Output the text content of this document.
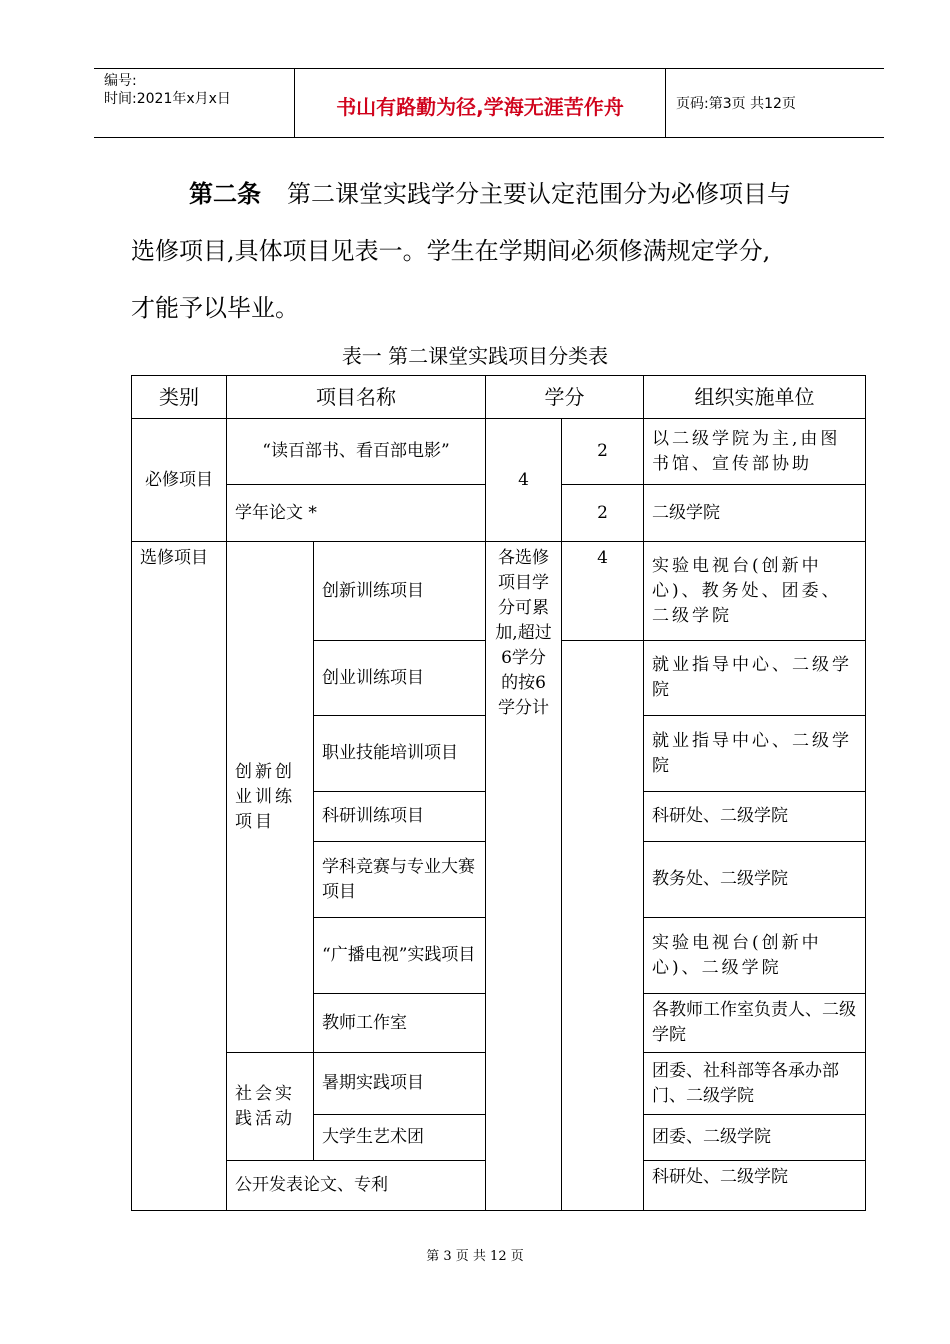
编号:
时间:2021年x月x日	书山有路勤为径,学海无涯苦作舟	页码:第3页 共12页
第二条 第二课堂实践学分主要认定范围分为必修项目与
选修项目,具体项目见表一。学生在学期间必须修满规定学分,
才能予以毕业。
表一 第二课堂实践项目分类表
类别	项目名称		学分		组织实施单位
必修项目	“读百部书、看百部电影”		4	2	以二级学院为主,由图书馆、宣传部协助
	学年论文 *			2	二级学院
选修项目	创新创业训练项目	创新训练项目	各选修项目学分可累加,超过6学分的按6学分计	4	实验电视台(创新中心)、教务处、团委、二级学院
		创业训练项目			就业指导中心、二级学院
		职业技能培训项目			就业指导中心、二级学院
		科研训练项目			科研处、二级学院
		学科竞赛与专业大赛项目			教务处、二级学院
		“广播电视”实践项目			实验电视台(创新中心)、二级学院
		教师工作室			各教师工作室负责人、二级学院
	社会实践活动	暑期实践项目			团委、社科部等各承办部门、二级学院
		大学生艺术团			团委、二级学院
	公开发表论文、专利				科研处、二级学院
第 3 页 共 12 页
